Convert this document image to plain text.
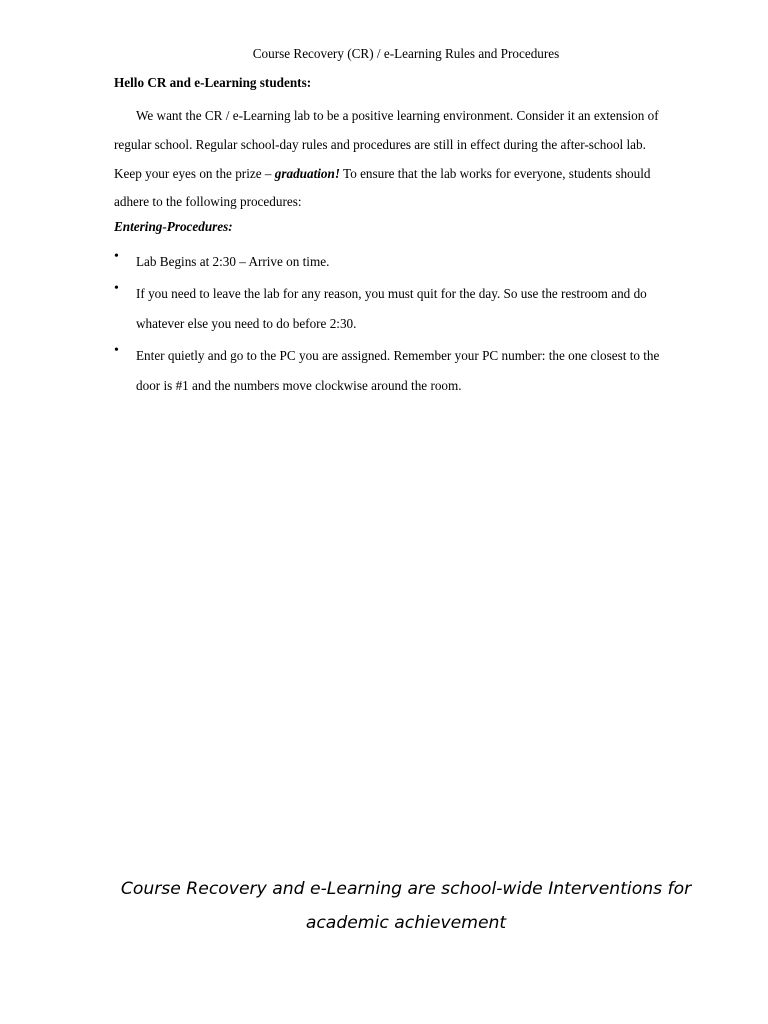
Course Recovery (CR) / e-Learning Rules and Procedures
Hello CR and e-Learning students:
We want the CR / e-Learning lab to be a positive learning environment. Consider it an extension of
regular school. Regular school-day rules and procedures are still in effect during the after-school lab.
Keep your eyes on the prize – graduation! To ensure that the lab works for everyone, students should
adhere to the following procedures:
Entering-Procedures:
• Lab Begins at 2:30 – Arrive on time.
• If you need to leave the lab for any reason, you must quit for the day. So use the restroom and do
whatever else you need to do before 2:30.
• Enter quietly and go to the PC you are assigned. Remember your PC number: the one closest to the
door is #1 and the numbers move clockwise around the room.
Course Recovery and e-Learning are school-wide Interventions for
academic achievement
